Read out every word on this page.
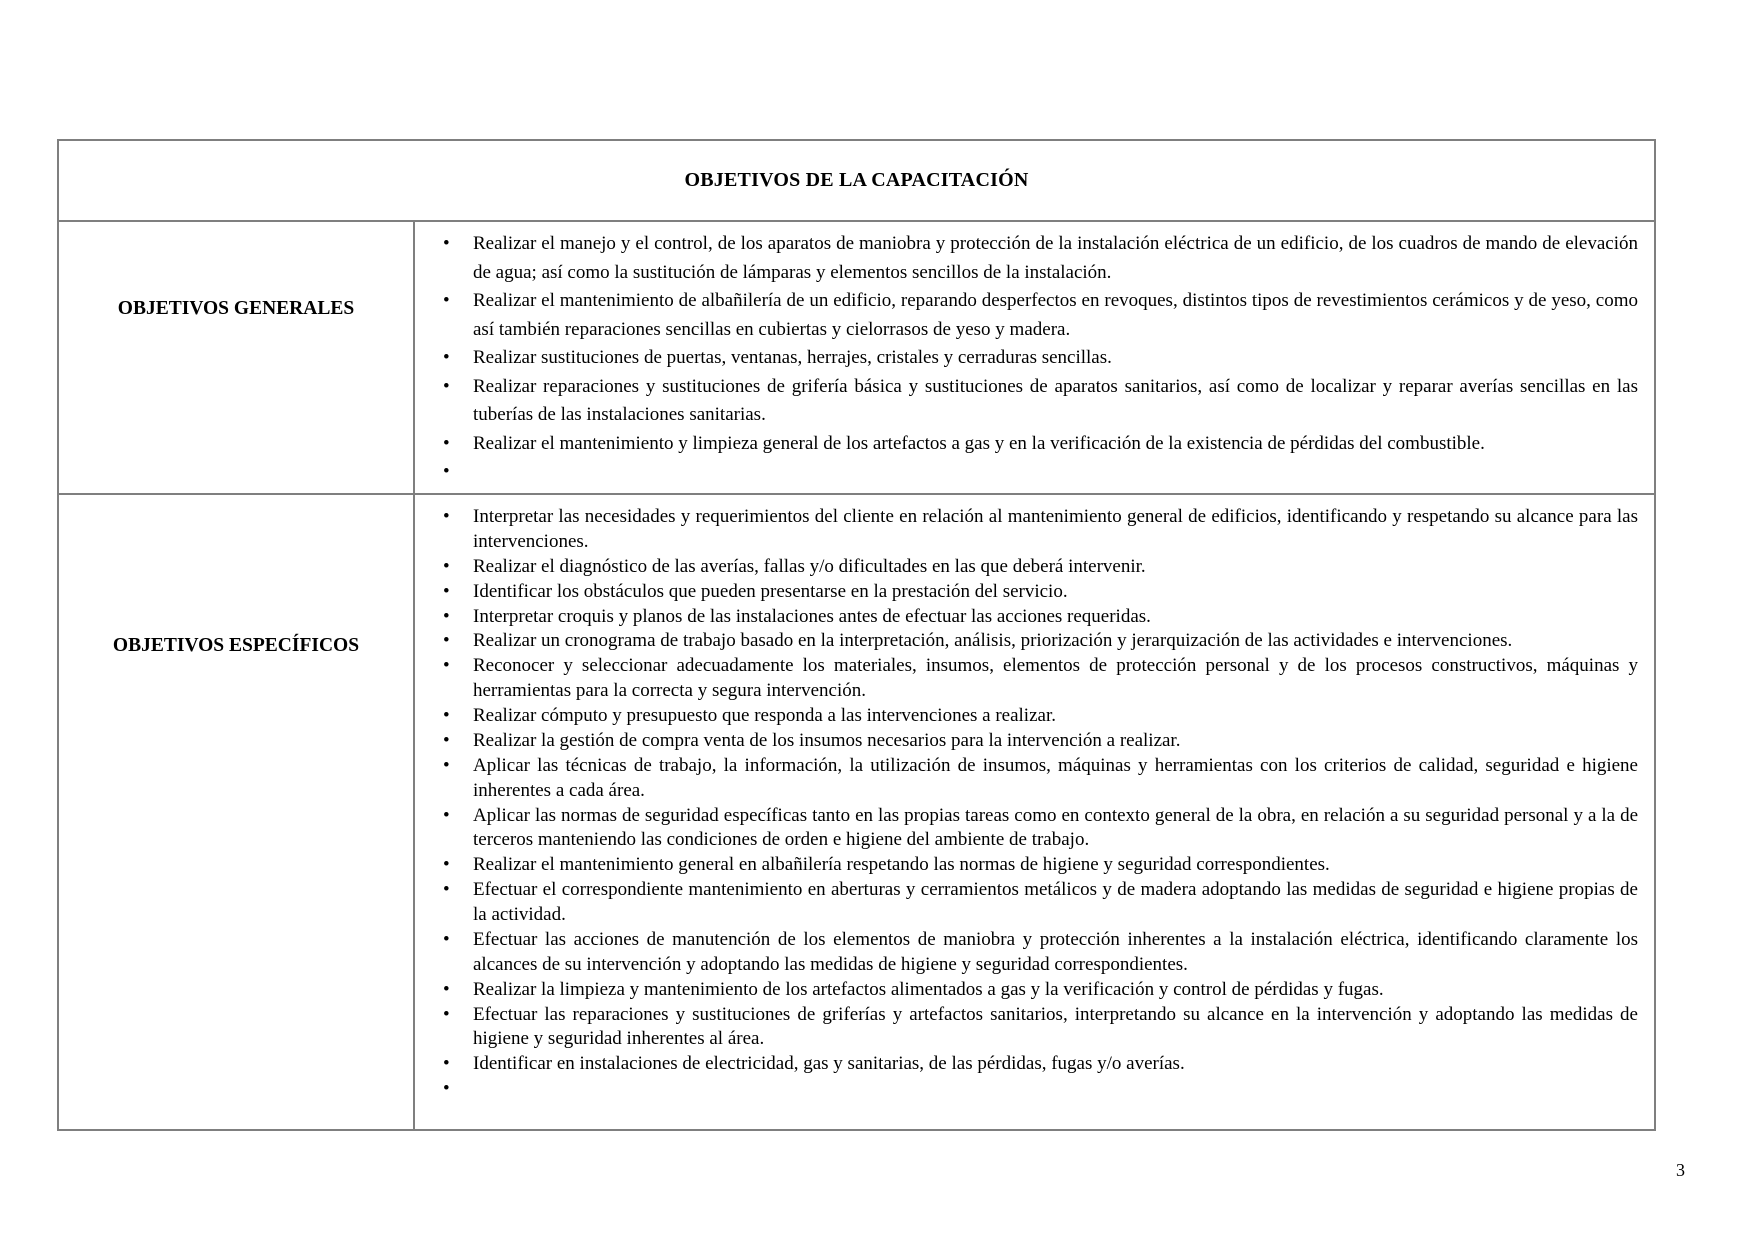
OBJETIVOS DE LA CAPACITACIÓN
OBJETIVOS GENERALES
• Realizar el manejo y el control, de los aparatos de maniobra y protección de la instalación eléctrica de un edificio, de los cuadros de mando de elevación de agua; así como la sustitución de lámparas y elementos sencillos de la instalación.
• Realizar el mantenimiento de albañilería de un edificio, reparando desperfectos en revoques, distintos tipos de revestimientos cerámicos y de yeso, como así también reparaciones sencillas en cubiertas y cielorrasos de yeso y madera.
• Realizar sustituciones de puertas, ventanas, herrajes, cristales y cerraduras sencillas.
• Realizar reparaciones y sustituciones de grifería básica y sustituciones de aparatos sanitarios, así como de localizar y reparar averías sencillas en las tuberías de las instalaciones sanitarias.
• Realizar el mantenimiento y limpieza general de los artefactos a gas y en la verificación de la existencia de pérdidas del combustible.
•
OBJETIVOS ESPECÍFICOS
• Interpretar las necesidades y requerimientos del cliente en relación al mantenimiento general de edificios, identificando y respetando su alcance para las intervenciones.
• Realizar el diagnóstico de las averías, fallas y/o dificultades en las que deberá intervenir.
• Identificar los obstáculos que pueden presentarse en la prestación del servicio.
• Interpretar croquis y planos de las instalaciones antes de efectuar las acciones requeridas.
• Realizar un cronograma de trabajo basado en la interpretación, análisis, priorización y jerarquización de las actividades e intervenciones.
• Reconocer y seleccionar adecuadamente los materiales, insumos, elementos de protección personal y de los procesos constructivos, máquinas y herramientas para la correcta y segura intervención.
• Realizar cómputo y presupuesto que responda a las intervenciones a realizar.
• Realizar la gestión de compra venta de los insumos necesarios para la intervención a realizar.
• Aplicar las técnicas de trabajo, la información, la utilización de insumos, máquinas y herramientas con los criterios de calidad, seguridad e higiene inherentes a cada área.
• Aplicar las normas de seguridad específicas tanto en las propias tareas como en contexto general de la obra, en relación a su seguridad personal y a la de terceros manteniendo las condiciones de orden e higiene del ambiente de trabajo.
• Realizar el mantenimiento general en albañilería respetando las normas de higiene y seguridad correspondientes.
• Efectuar el correspondiente mantenimiento en aberturas y cerramientos metálicos y de madera adoptando las medidas de seguridad e higiene propias de la actividad.
• Efectuar las acciones de manutención de los elementos de maniobra y protección inherentes a la instalación eléctrica, identificando claramente los alcances de su intervención y adoptando las medidas de higiene y seguridad correspondientes.
• Realizar la limpieza y mantenimiento de los artefactos alimentados a gas y la verificación y control de pérdidas y fugas.
• Efectuar las reparaciones y sustituciones de griferías y artefactos sanitarios, interpretando su alcance en la intervención y adoptando las medidas de higiene y seguridad inherentes al área.
• Identificar en instalaciones de electricidad, gas y sanitarias, de las pérdidas, fugas y/o averías.
•
3
